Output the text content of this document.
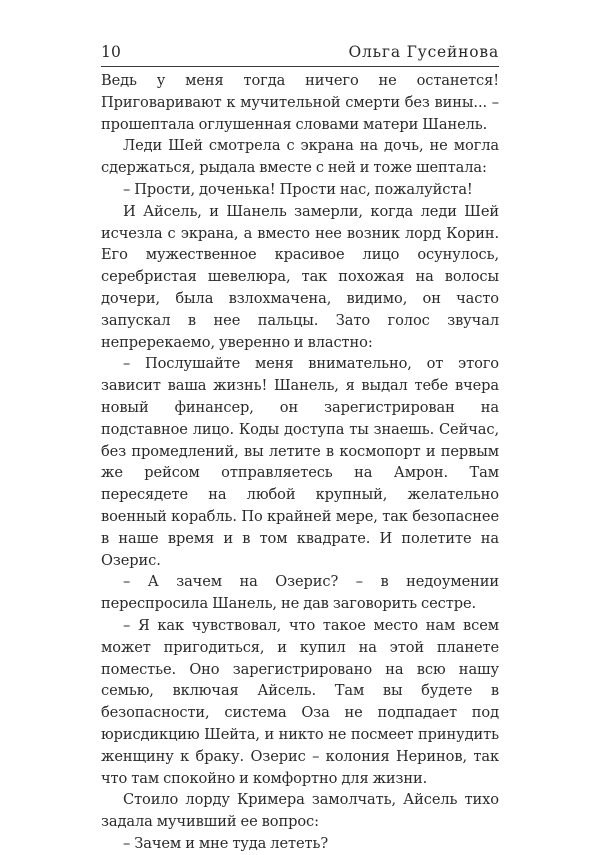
10	Ольга Гусейнова

Ведь у меня тогда ничего не останется! Приговаривают к мучительной смерти без вины... – прошептала оглушенная словами матери Шанель.

Леди Шей смотрела с экрана на дочь, не могла сдержаться, рыдала вместе с ней и тоже шептала:

– Прости, доченька! Прости нас, пожалуйста!

И Айсель, и Шанель замерли, когда леди Шей исчезла с экрана, а вместо нее возник лорд Корин. Его мужественное красивое лицо осунулось, серебристая шевелюра, так похожая на волосы дочери, была взлохмачена, видимо, он часто запускал в нее пальцы. Зато голос звучал непререкаемо, уверенно и властно:

– Послушайте меня внимательно, от этого зависит ваша жизнь! Шанель, я выдал тебе вчера новый финансер, он зарегистрирован на подставное лицо. Коды доступа ты знаешь. Сейчас, без промедлений, вы летите в космопорт и первым же рейсом отправляетесь на Амрон. Там пересядете на любой крупный, желательно военный корабль. По крайней мере, так безопаснее в наше время и в том квадрате. И полетите на Озерис.

– А зачем на Озерис? – в недоумении переспросила Шанель, не дав заговорить сестре.

– Я как чувствовал, что такое место нам всем может пригодиться, и купил на этой планете поместье. Оно зарегистрировано на всю нашу семью, включая Айсель. Там вы будете в безопасности, система Оза не подпадает под юрисдикцию Шейта, и никто не посмеет принудить женщину к браку. Озерис – колония Неринов, так что там спокойно и комфортно для жизни.

Стоило лорду Кримера замолчать, Айсель тихо задала мучивший ее вопрос:

– Зачем и мне туда лететь?
